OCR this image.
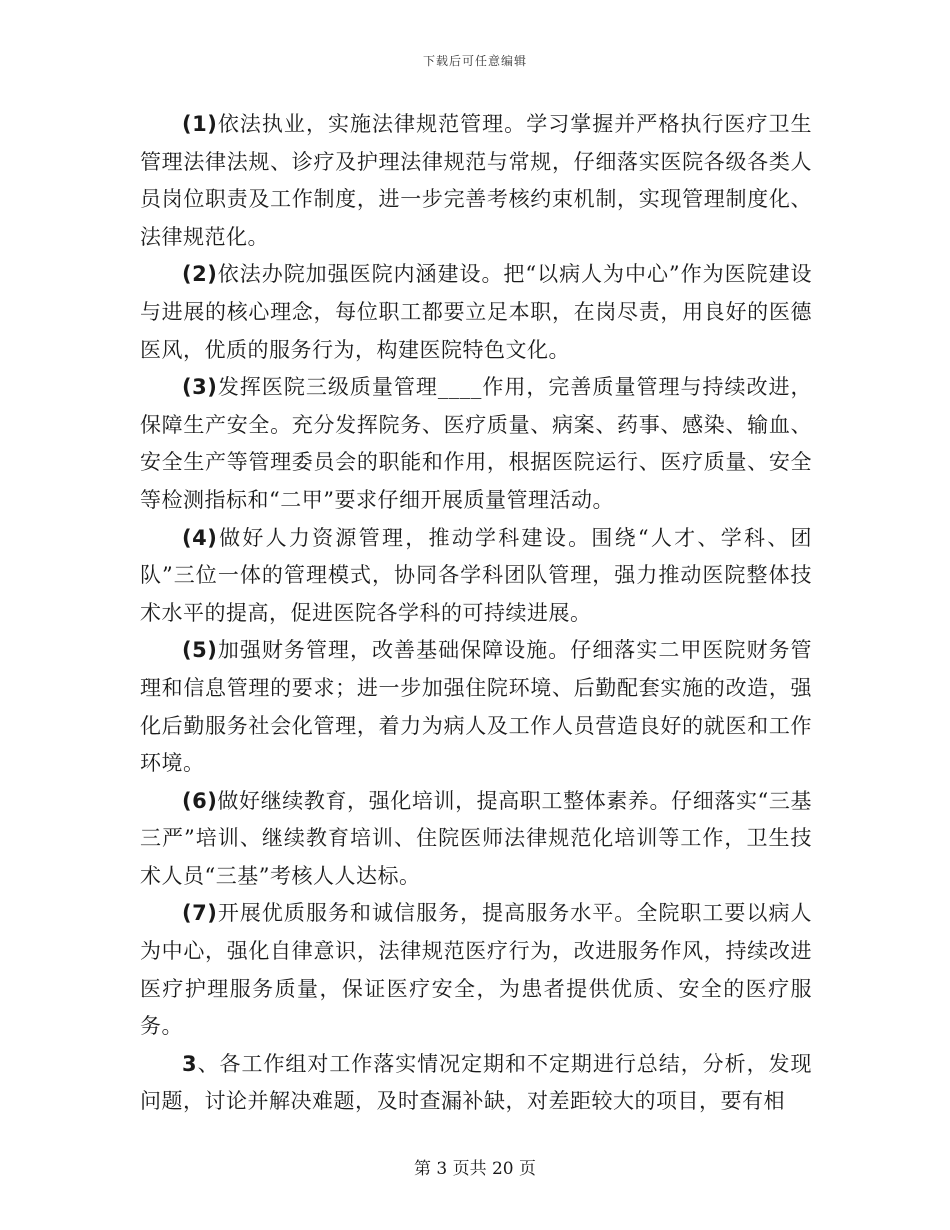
下载后可任意编辑

(1)依法执业，实施法律规范管理。学习掌握并严格执行医疗卫生管理法律法规、诊疗及护理法律规范与常规，仔细落实医院各级各类人员岗位职责及工作制度，进一步完善考核约束机制，实现管理制度化、法律规范化。

(2)依法办院加强医院内涵建设。把“以病人为中心”作为医院建设与进展的核心理念，每位职工都要立足本职，在岗尽责，用良好的医德医风，优质的服务行为，构建医院特色文化。

(3)发挥医院三级质量管理____作用，完善质量管理与持续改进，保障生产安全。充分发挥院务、医疗质量、病案、药事、感染、输血、安全生产等管理委员会的职能和作用，根据医院运行、医疗质量、安全等检测指标和“二甲”要求仔细开展质量管理活动。

(4)做好人力资源管理，推动学科建设。围绕“人才、学科、团队”三位一体的管理模式，协同各学科团队管理，强力推动医院整体技术水平的提高，促进医院各学科的可持续进展。

(5)加强财务管理，改善基础保障设施。仔细落实二甲医院财务管理和信息管理的要求；进一步加强住院环境、后勤配套实施的改造，强化后勤服务社会化管理，着力为病人及工作人员营造良好的就医和工作环境。

(6)做好继续教育，强化培训，提高职工整体素养。仔细落实“三基三严”培训、继续教育培训、住院医师法律规范化培训等工作，卫生技术人员“三基”考核人人达标。

(7)开展优质服务和诚信服务，提高服务水平。全院职工要以病人为中心，强化自律意识，法律规范医疗行为，改进服务作风，持续改进医疗护理服务质量，保证医疗安全，为患者提供优质、安全的医疗服务。

3、各工作组对工作落实情况定期和不定期进行总结，分析，发现问题，讨论并解决难题，及时查漏补缺，对差距较大的项目，要有相

第 3 页共 20 页
